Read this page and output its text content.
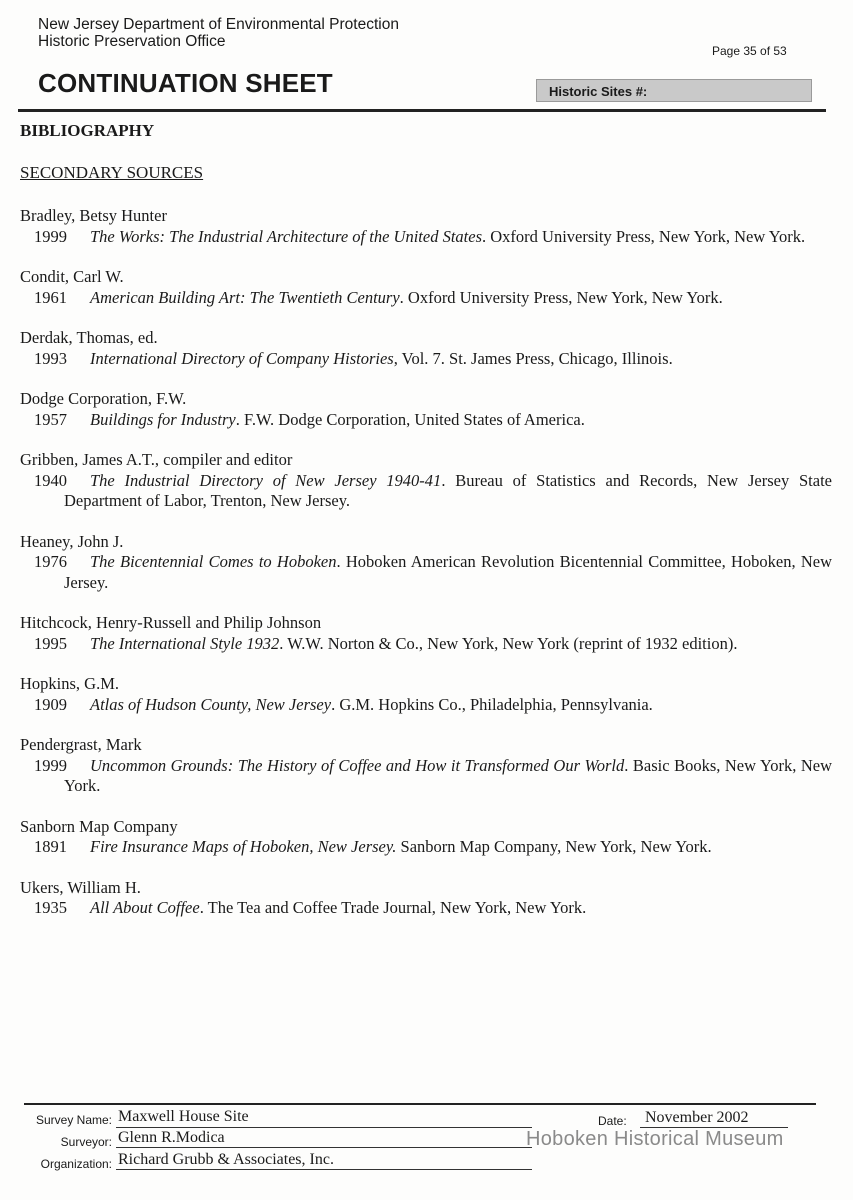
New Jersey Department of Environmental Protection
Historic Preservation Office
Page 35 of 53
CONTINUATION SHEET	Historic Sites #:
BIBLIOGRAPHY
SECONDARY SOURCES
Bradley, Betsy Hunter
1999 The Works: The Industrial Architecture of the United States. Oxford University Press, New York, New York.
Condit, Carl W.
1961 American Building Art: The Twentieth Century. Oxford University Press, New York, New York.
Derdak, Thomas, ed.
1993 International Directory of Company Histories, Vol. 7. St. James Press, Chicago, Illinois.
Dodge Corporation, F.W.
1957 Buildings for Industry. F.W. Dodge Corporation, United States of America.
Gribben, James A.T., compiler and editor
1940 The Industrial Directory of New Jersey 1940-41. Bureau of Statistics and Records, New Jersey State Department of Labor, Trenton, New Jersey.
Heaney, John J.
1976 The Bicentennial Comes to Hoboken. Hoboken American Revolution Bicentennial Committee, Hoboken, New Jersey.
Hitchcock, Henry-Russell and Philip Johnson
1995 The International Style 1932. W.W. Norton & Co., New York, New York (reprint of 1932 edition).
Hopkins, G.M.
1909 Atlas of Hudson County, New Jersey. G.M. Hopkins Co., Philadelphia, Pennsylvania.
Pendergrast, Mark
1999 Uncommon Grounds: The History of Coffee and How it Transformed Our World. Basic Books, New York, New York.
Sanborn Map Company
1891 Fire Insurance Maps of Hoboken, New Jersey. Sanborn Map Company, New York, New York.
Ukers, William H.
1935 All About Coffee. The Tea and Coffee Trade Journal, New York, New York.
Survey Name: Maxwell House Site
Surveyor: Glenn R.Modica
Organization: Richard Grubb & Associates, Inc.
Date: November 2002
Hoboken Historical Museum
